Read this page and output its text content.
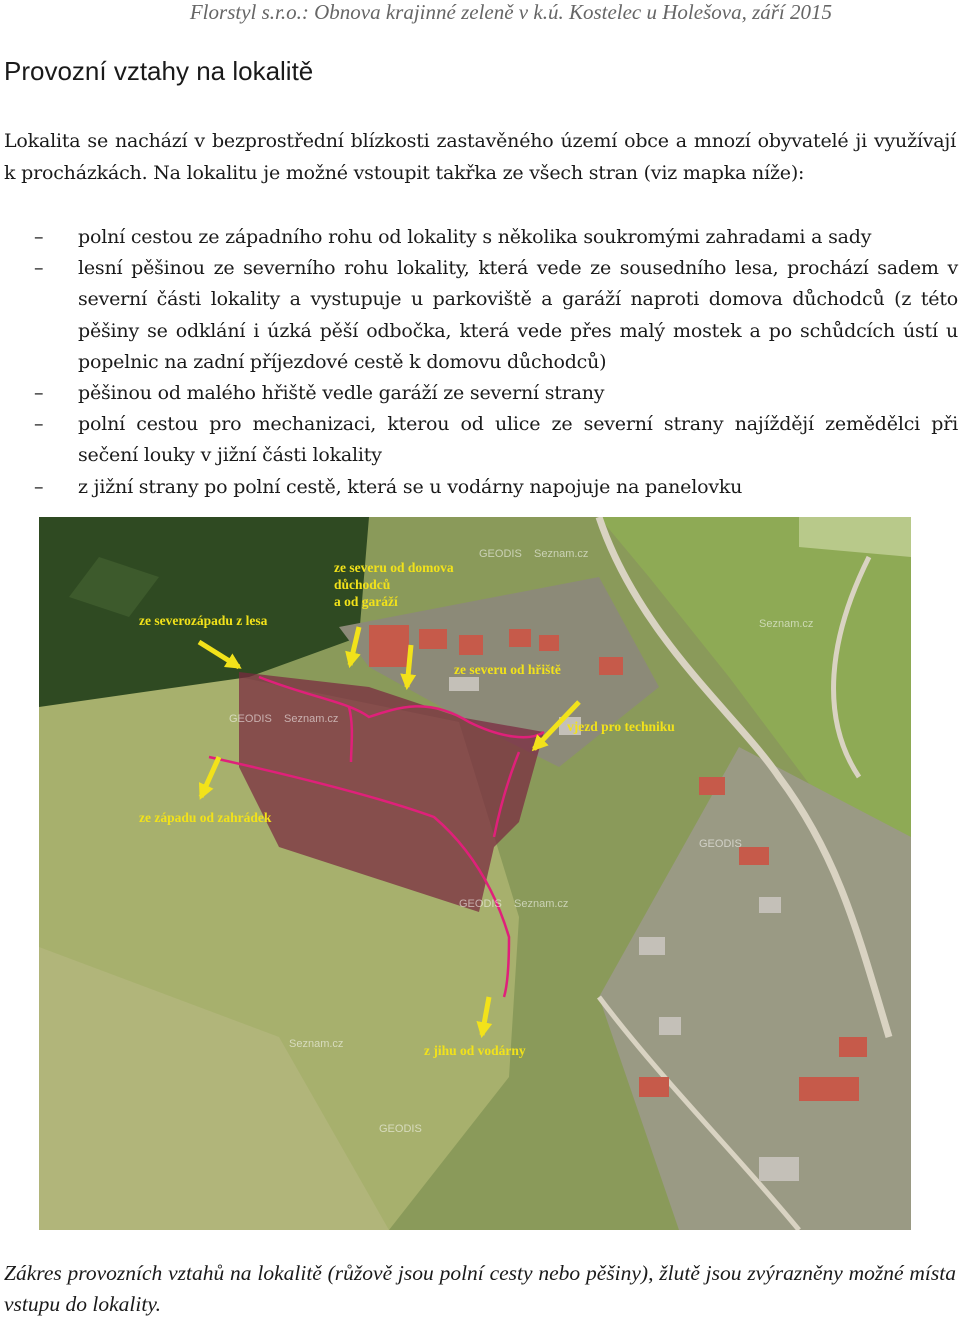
Florstyl s.r.o.: Obnova krajinné zeleně v k.ú. Kostelec u Holešova, září 2015
Provozní vztahy na lokalitě

Lokalita se nachází v bezprostřední blízkosti zastavěného území obce a mnozí obyvatelé ji využívají k procházkách. Na lokalitu je možné vstoupit takřka ze všech stran (viz mapka níže):

– polní cestou ze západního rohu od lokality s několika soukromými zahradami a sady
– lesní pěšinou ze severního rohu lokality, která vede ze sousedního lesa, prochází sadem v severní části lokality a vystupuje u parkoviště a garáží naproti domova důchodců (z této pěšiny se odklání i úzká pěší odbočka, která vede přes malý mostek a po schůdcích ústí u popelnic na zadní příjezdové cestě k domovu důchodců)
– pěšinou od malého hřiště vedle garáží ze severní strany
– polní cestou pro mechanizaci, kterou od ulice ze severní strany najíždějí zemědělci při sečení louky v jižní části lokality
– z jižní strany po polní cestě, která se u vodárny napojuje na panelovku
ze severu od domova
důchodců
a od garáží
ze severozápadu z lesa
ze severu od hřiště
vjezd pro techniku
ze západu od zahrádek
z jihu od vodárny
GEODIS Seznam.cz
GEODIS Seznam.cz
GEODIS Seznam.cz
Seznam.cz
GEODIS
Seznam.cz
GEODIS

Zákres provozních vztahů na lokalitě (růžově jsou polní cesty nebo pěšiny), žlutě jsou zvýrazněny možné místa vstupu do lokality.
